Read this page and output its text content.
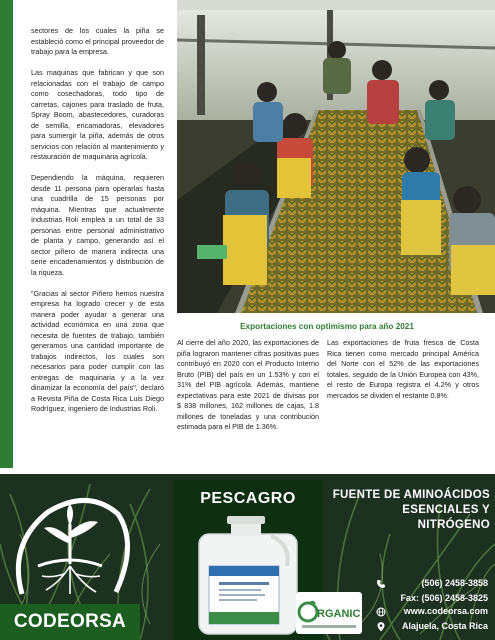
sectores de los cuales la piña se estableció como el principal proveedor de trabajo para la empresa.

Las maquinas que fabrican y que son relacionadas con el trabajo de campo como cosechadoras, todo tipo de carretas, cajones para traslado de fruta, Spray Boom, abastecedores, curadoras de semilla, encamadoras, elevadores para sumergir la piña, además de otros servicios con relación al mantenimiento y restauración de maquinaria agrícola.

Dependiendo la máquina, requieren desde 11 persona para operarlas hasta una cuadrilla de 15 personas por máquina. Mientras que actualmente Industrias Roli emplea a un total de 33 personas entre personal administrativo de planta y campo, generando así el sector piñero de manera indirecta una serie encadenamientos y distribución de la riqueza.

"Gracias al sector Piñero hemos nuestra empresa ha logrado crecer y de esta manera poder ayudar a generar una actividad económica en una zona que necesita de fuentes de trabajo, también generamos una cantidad importante de trabajos indirectos, los cuales son necesarios para poder cumplir con las entregas de maquinaria y a la vez dinamizar la economía del país", declaró a Revista Piña de Costa Rica Luis Diego Rodríguez, ingeniero de Industrias Roli.

Exportaciones con optimismo para año 2021
Al cierre del año 2020, las exportaciones de piña lograron mantener cifras positivas pues contribuyó en 2020 con el Producto Interno Bruto (PIB) del país en un 1.53% y con el 31% del PIB agrícola. Además, mantiene expectativas para este 2021 de divisas por $ 838 millones, 162 millones de cajas, 1.8 millones de toneladas y una contribución estimada para el PIB de 1.36%.
Las exportaciones de fruta fresca de Costa Rica tienen como mercado principal América del Norte con el 52% de las exportaciones totales, seguido de la Unión Europea con 43%, el resto de Europa registra el 4.2% y otros mercados se dividen el restante 0.8%.
CODEORSA
PESCAGRO
RGANIC
FUENTE DE AMINOÁCIDOS
ESENCIALES Y NITRÓGENO
(506) 2458-3858
Fax: (506) 2458-3825
www.codeorsa.com
Alajuela, Costa Rica
